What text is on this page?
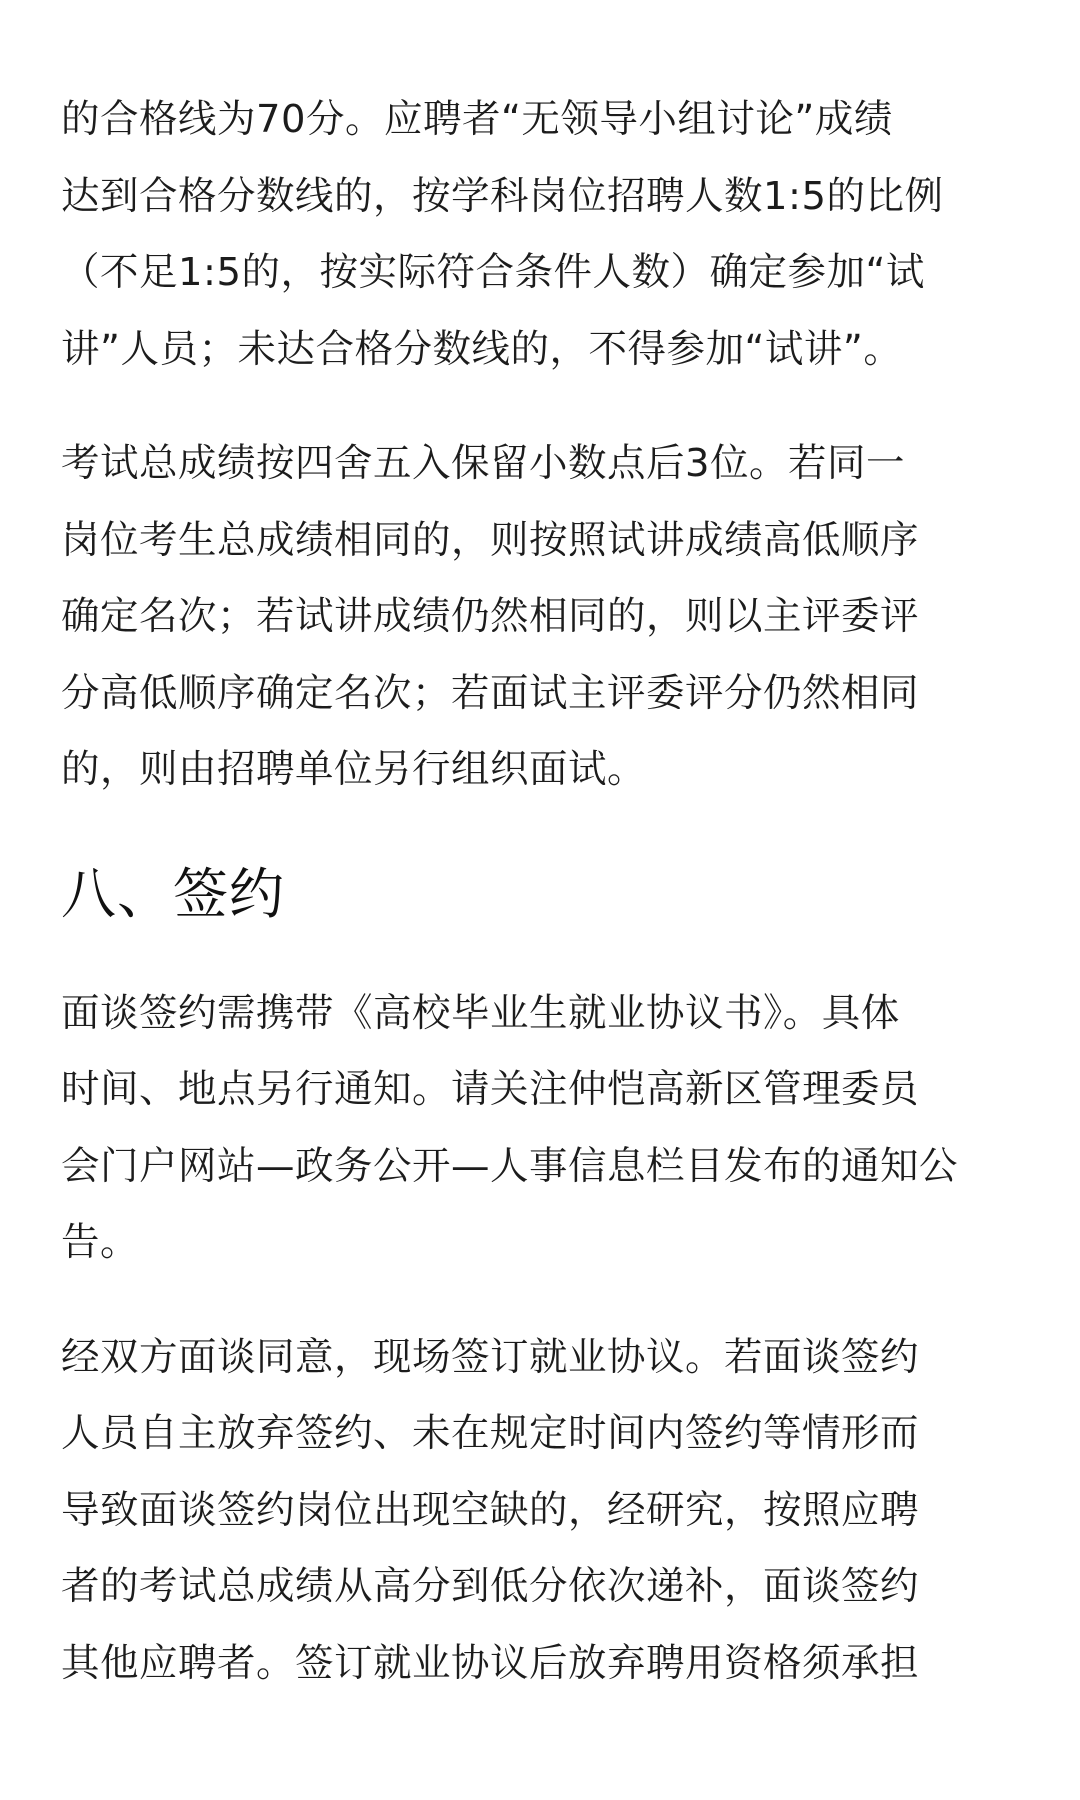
的合格线为70分。应聘者“无领导小组讨论”成绩
达到合格分数线的，按学科岗位招聘人数1:5的比例
（不足1:5的，按实际符合条件人数）确定参加“试
讲”人员；未达合格分数线的，不得参加“试讲”。

考试总成绩按四舍五入保留小数点后3位。若同一
岗位考生总成绩相同的，则按照试讲成绩高低顺序
确定名次；若试讲成绩仍然相同的，则以主评委评
分高低顺序确定名次；若面试主评委评分仍然相同
的，则由招聘单位另行组织面试。

八、签约

面谈签约需携带《高校毕业生就业协议书》。具体
时间、地点另行通知。请关注仲恺高新区管理委员
会门户网站—政务公开—人事信息栏目发布的通知公
告。

经双方面谈同意，现场签订就业协议。若面谈签约
人员自主放弃签约、未在规定时间内签约等情形而
导致面谈签约岗位出现空缺的，经研究，按照应聘
者的考试总成绩从高分到低分依次递补，面谈签约
其他应聘者。签订就业协议后放弃聘用资格须承担
